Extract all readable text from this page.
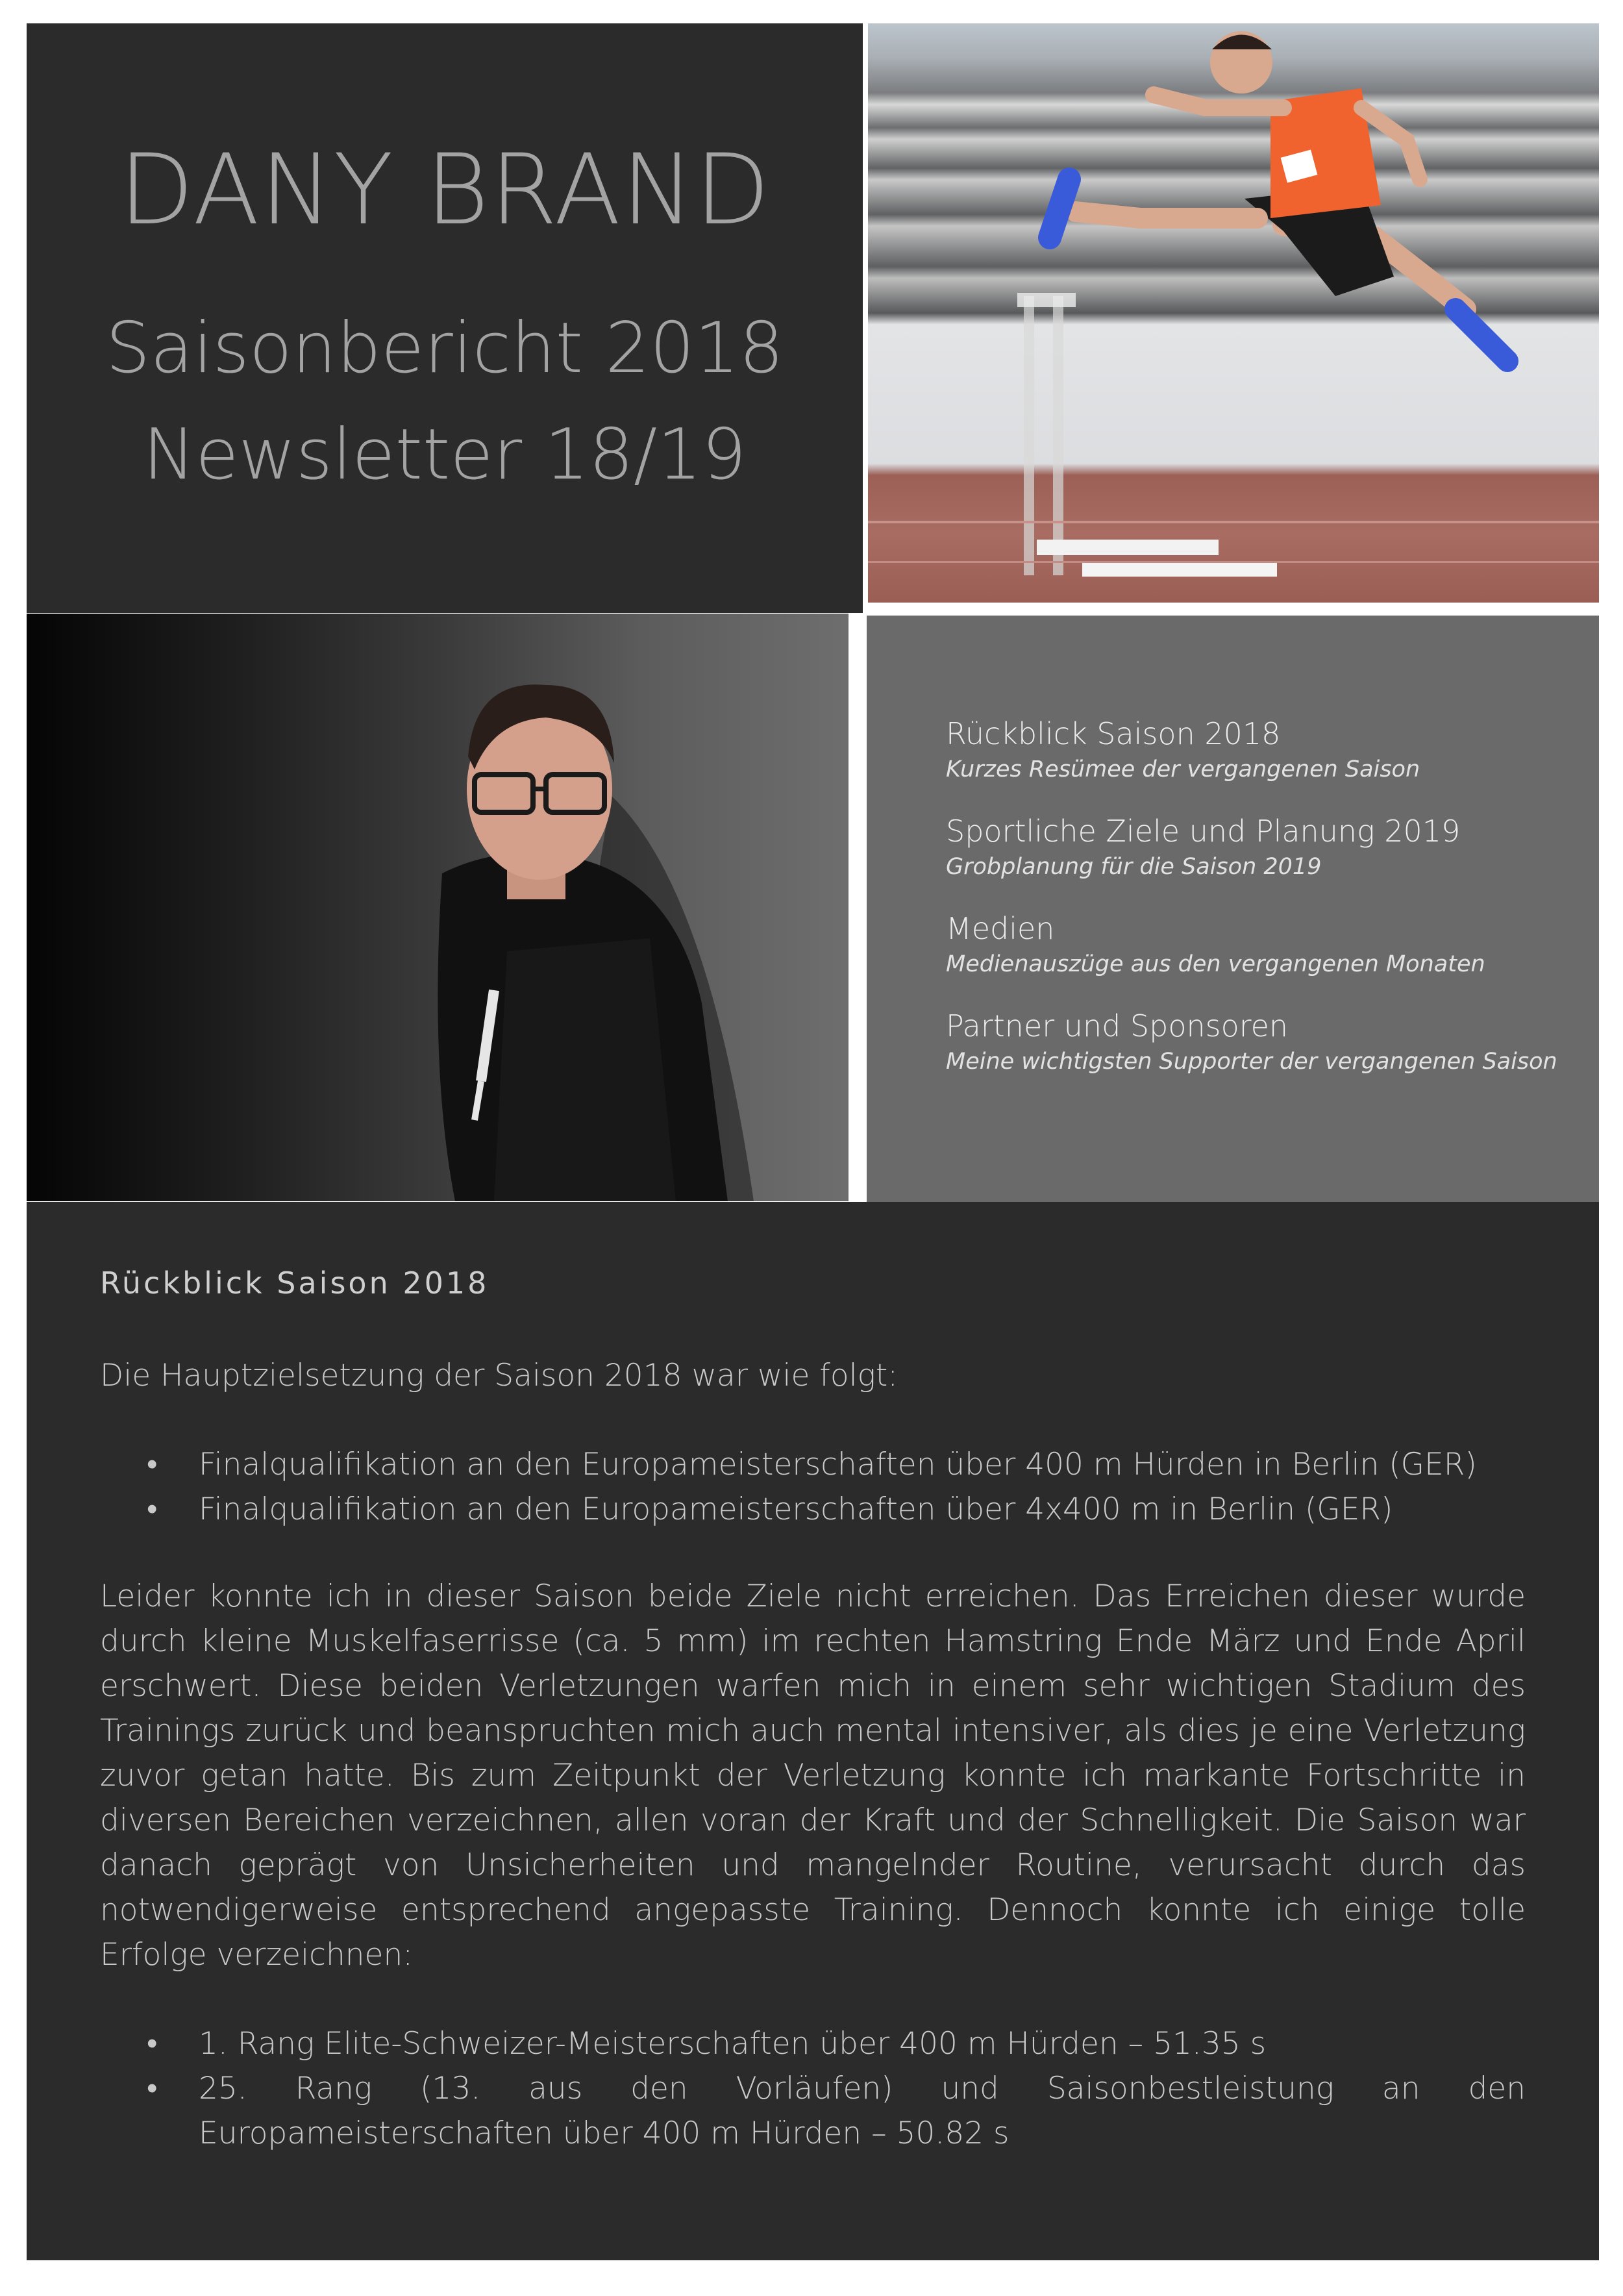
DANY BRAND
Saisonbericht 2018
Newsletter 18/19
Rückblick Saison 2018
Kurzes Resümee der vergangenen Saison
Sportliche Ziele und Planung 2019
Grobplanung für die Saison 2019
Medien
Medienauszüge aus den vergangenen Monaten
Partner und Sponsoren
Meine wichtigsten Supporter der vergangenen Saison
Rückblick Saison 2018
Die Hauptzielsetzung der Saison 2018 war wie folgt:
• Finalqualifikation an den Europameisterschaften über 400 m Hürden in Berlin (GER)
• Finalqualifikation an den Europameisterschaften über 4x400 m in Berlin (GER)
Leider konnte ich in dieser Saison beide Ziele nicht erreichen. Das Erreichen dieser wurde durch kleine Muskelfaserrisse (ca. 5 mm) im rechten Hamstring Ende März und Ende April erschwert. Diese beiden Verletzungen warfen mich in einem sehr wichtigen Stadium des Trainings zurück und beanspruchten mich auch mental intensiver, als dies je eine Verletzung zuvor getan hatte. Bis zum Zeitpunkt der Verletzung konnte ich markante Fortschritte in diversen Bereichen verzeichnen, allen voran der Kraft und der Schnelligkeit. Die Saison war danach geprägt von Unsicherheiten und mangelnder Routine, verursacht durch das notwendigerweise entsprechend angepasste Training. Dennoch konnte ich einige tolle Erfolge verzeichnen:
• 1. Rang Elite-Schweizer-Meisterschaften über 400 m Hürden – 51.35 s
• 25. Rang (13. aus den Vorläufen) und Saisonbestleistung an den Europameisterschaften über 400 m Hürden – 50.82 s
